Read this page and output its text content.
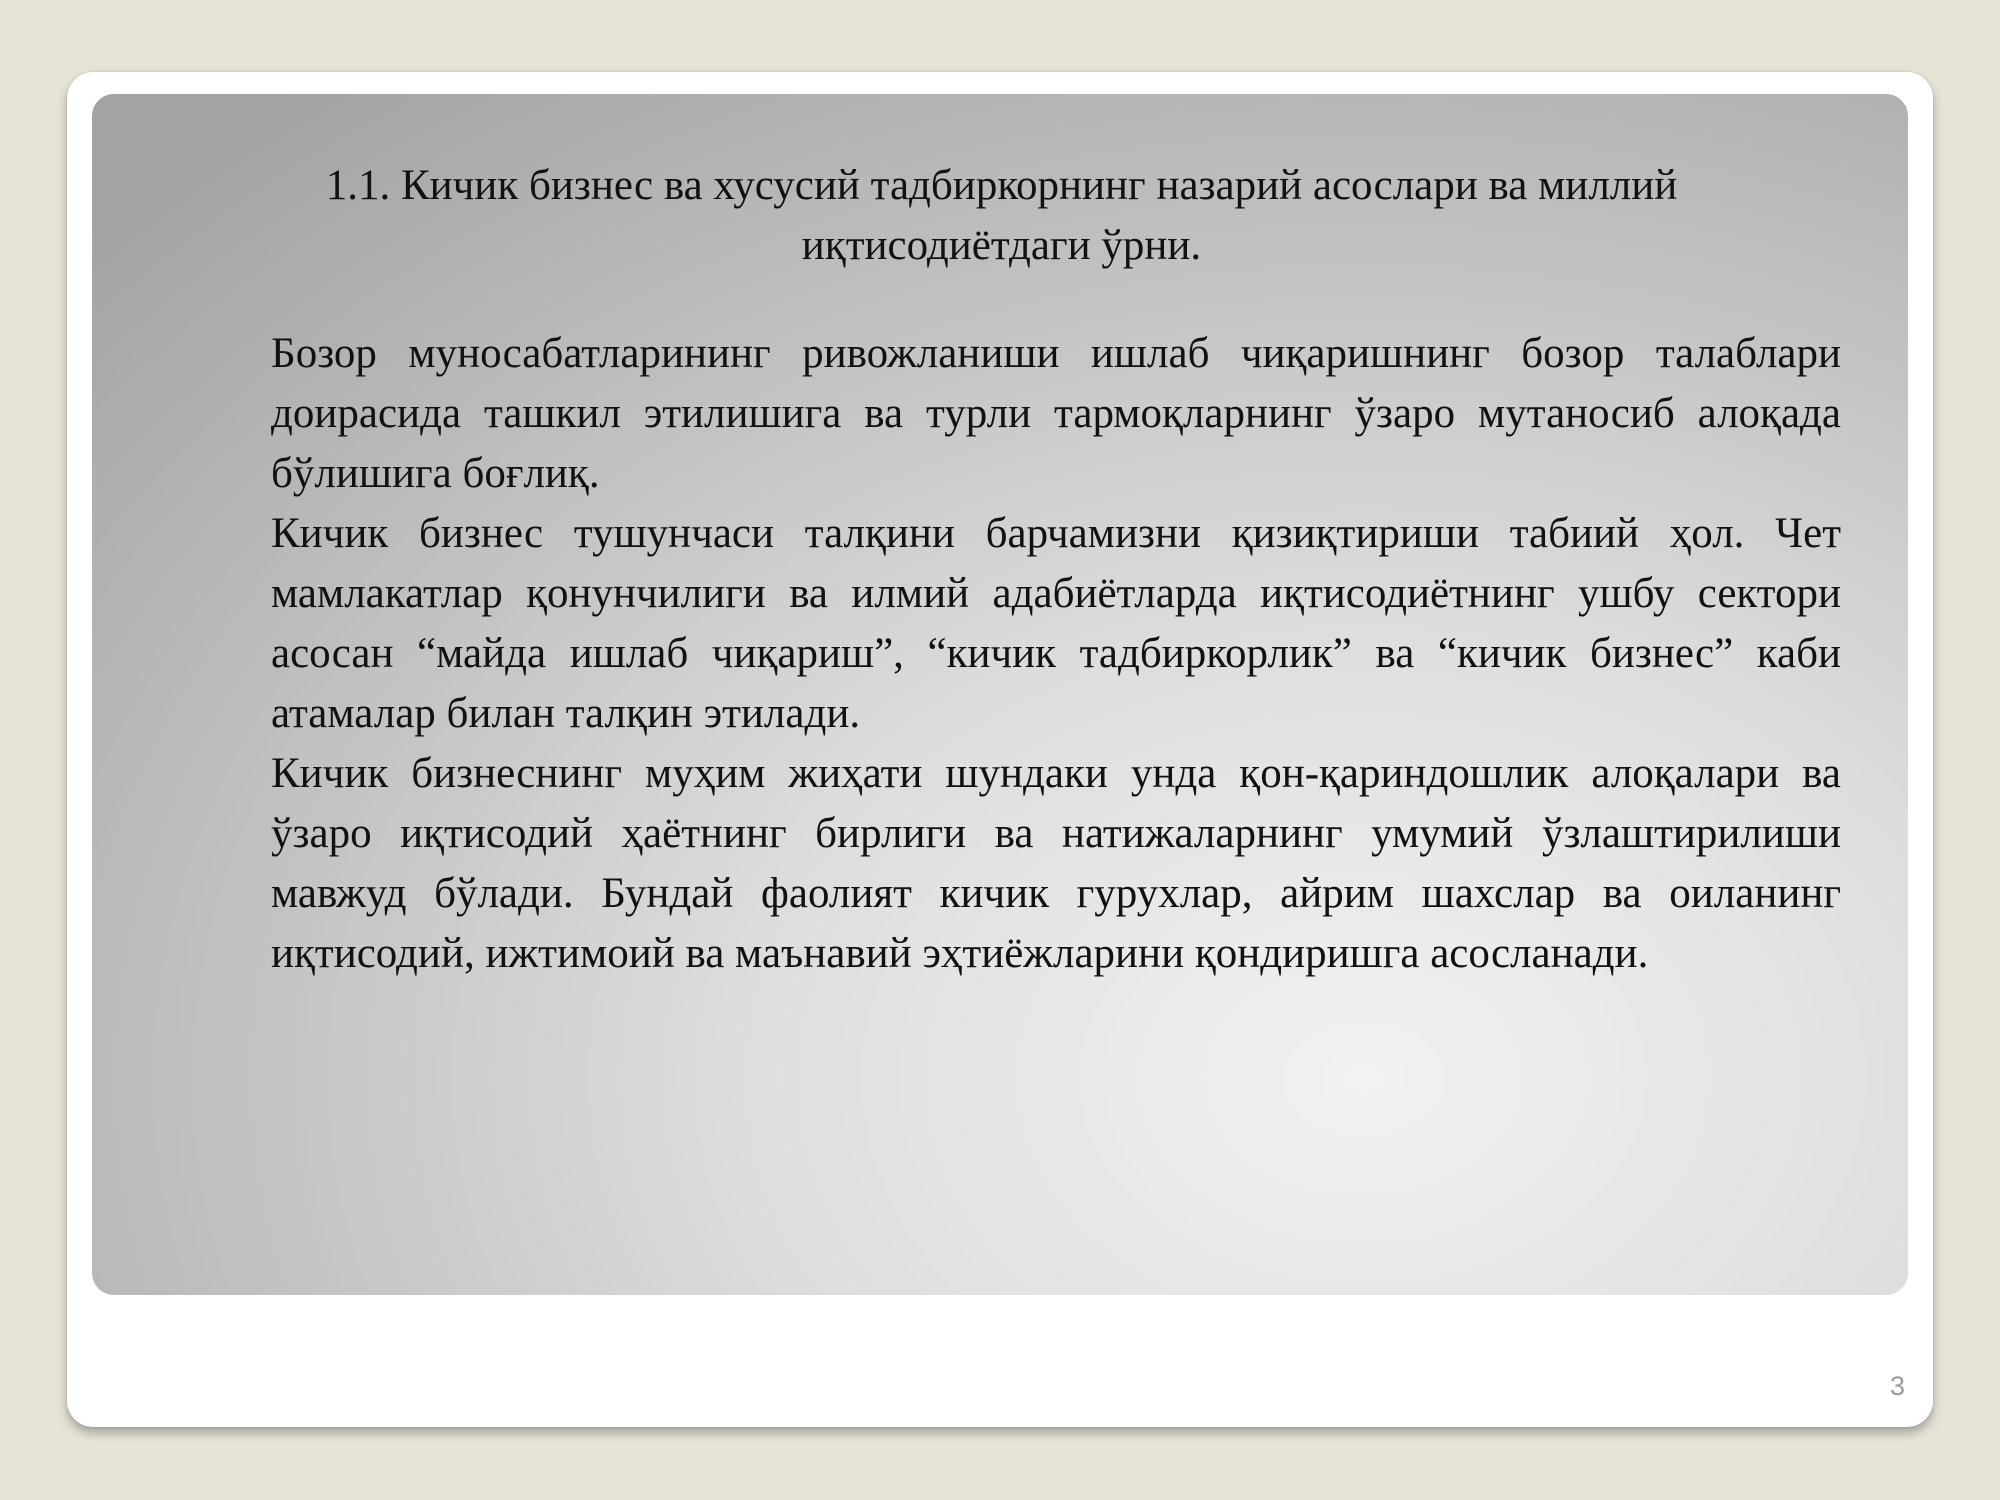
1.1. Кичик бизнес ва хусусий тадбиркорнинг назарий асослари ва миллий иқтисодиётдаги ўрни.

Бозор муносабатларининг ривожланиши ишлаб чиқаришнинг бозор талаблари доирасида ташкил этилишига ва турли тармоқларнинг ўзаро мутаносиб алоқада бўлишига боғлиқ.

Кичик бизнес тушунчаси талқини барчамизни қизиқтириши табиий ҳол. Чет мамлакатлар қонунчилиги ва илмий адабиётларда иқтисодиётнинг ушбу сектори асосан “майда ишлаб чиқариш”, “кичик тадбиркорлик” ва “кичик бизнес” каби атамалар билан талқин этилади.

Кичик бизнеснинг муҳим жиҳати шундаки унда қон-қариндошлик алоқалари ва ўзаро иқтисодий ҳаётнинг бирлиги ва натижаларнинг умумий ўзлаштирилиши мавжуд бўлади. Бундай фаолият кичик гурухлар, айрим шахслар ва оиланинг иқтисодий, ижтимоий ва маънавий эҳтиёжларини қондиришга асосланади.

3
